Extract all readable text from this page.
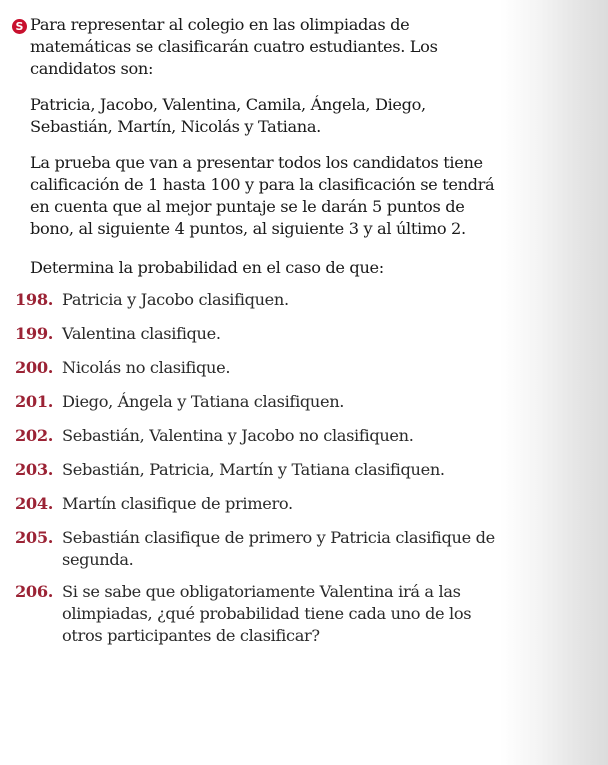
S Para representar al colegio en las olimpiadas de matemáticas se clasificarán cuatro estudiantes. Los candidatos son:

Patricia, Jacobo, Valentina, Camila, Ángela, Diego, Sebastián, Martín, Nicolás y Tatiana.

La prueba que van a presentar todos los candidatos tiene calificación de 1 hasta 100 y para la clasificación se tendrá en cuenta que al mejor puntaje se le darán 5 puntos de bono, al siguiente 4 puntos, al siguiente 3 y al último 2.

Determina la probabilidad en el caso de que:
198. Patricia y Jacobo clasifiquen.
199. Valentina clasifique.
200. Nicolás no clasifique.
201. Diego, Ángela y Tatiana clasifiquen.
202. Sebastián, Valentina y Jacobo no clasifiquen.
203. Sebastián, Patricia, Martín y Tatiana clasifiquen.
204. Martín clasifique de primero.
205. Sebastián clasifique de primero y Patricia clasifique de segunda.
206. Si se sabe que obligatoriamente Valentina irá a las olimpiadas, ¿qué probabilidad tiene cada uno de los otros participantes de clasificar?
